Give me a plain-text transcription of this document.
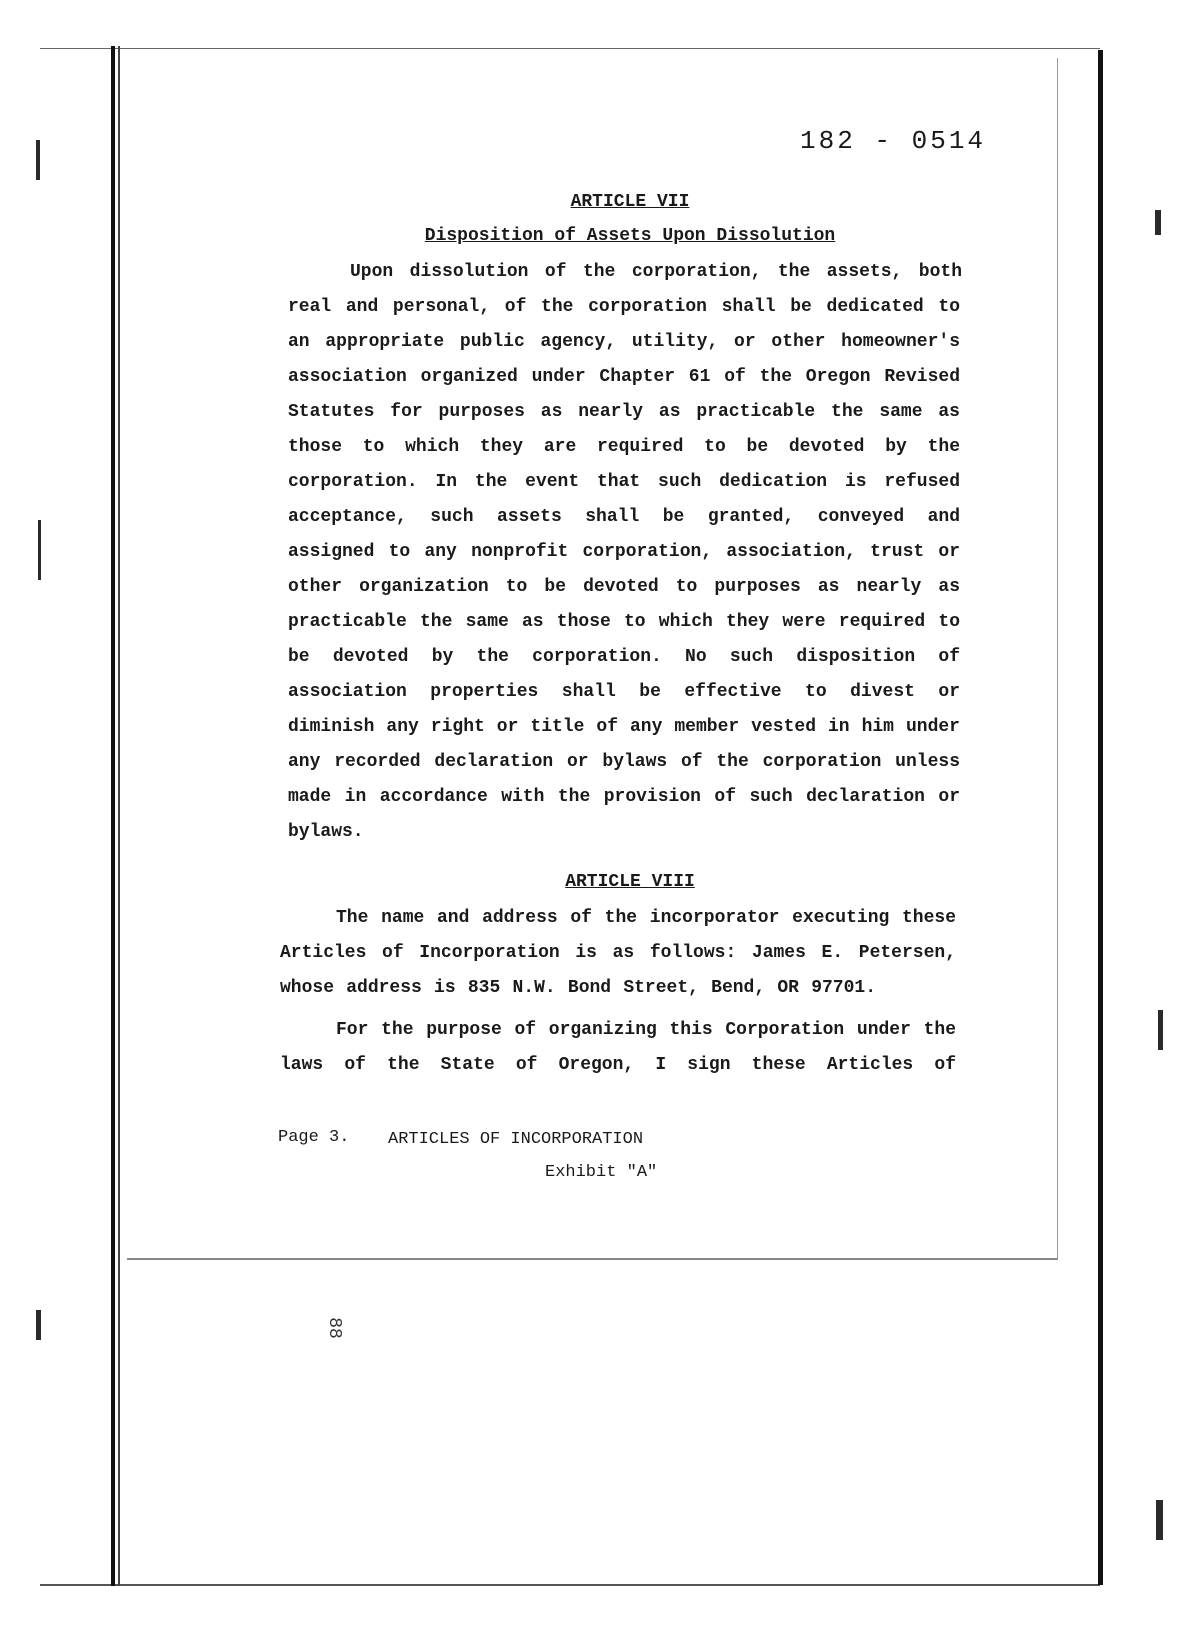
182 - 0514
ARTICLE VII
Disposition of Assets Upon Dissolution
Upon dissolution of the corporation, the assets, both
real and personal, of the corporation shall be dedicated to
an appropriate public agency, utility, or other homeowner's
association organized under Chapter 61 of the Oregon Revised
Statutes for purposes as nearly as practicable the same as
those to which they are required to be devoted by the
corporation. In the event that such dedication is refused
acceptance, such assets shall be granted, conveyed and
assigned to any nonprofit corporation, association, trust or
other organization to be devoted to purposes as nearly as
practicable the same as those to which they were required to
be devoted by the corporation. No such disposition of
association properties shall be effective to divest or
diminish any right or title of any member vested in him under
any recorded declaration or bylaws of the corporation unless
made in accordance with the provision of such declaration or
bylaws.
ARTICLE VIII
The name and address of the incorporator executing these
Articles of Incorporation is as follows: James E. Petersen,
whose address is 835 N.W. Bond Street, Bend, OR 97701.
For the purpose of organizing this Corporation under the
laws of the State of Oregon, I sign these Articles of
Page 3. ARTICLES OF INCORPORATION
Exhibit "A"
88
